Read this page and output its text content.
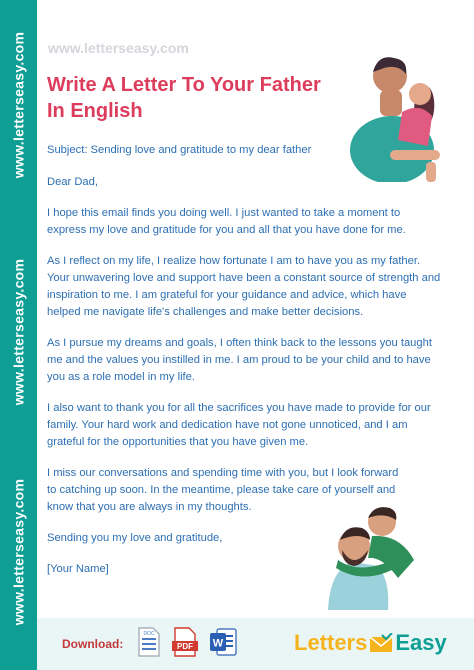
www.letterseasy.com
www.letterseasy.com
www.letterseasy.com
www.letterseasy.com
Write A Letter To Your Father In English

Subject: Sending love and gratitude to my dear father

Dear Dad,

I hope this email finds you doing well. I just wanted to take a moment to express my love and gratitude for you and all that you have done for me.

As I reflect on my life, I realize how fortunate I am to have you as my father. Your unwavering love and support have been a constant source of strength and inspiration to me. I am grateful for your guidance and advice, which have helped me navigate life's challenges and make better decisions.

As I pursue my dreams and goals, I often think back to the lessons you taught me and the values you instilled in me. I am proud to be your child and to have you as a role model in my life.

I also want to thank you for all the sacrifices you have made to provide for our family. Your hard work and dedication have not gone unnoticed, and I am grateful for the opportunities that you have given me.

I miss our conversations and spending time with you, but I look forward to catching up soon. In the meantime, please take care of yourself and know that you are always in my thoughts.

Sending you my love and gratitude,

[Your Name]

Download:
DOC
PDF W	Letters Easy
